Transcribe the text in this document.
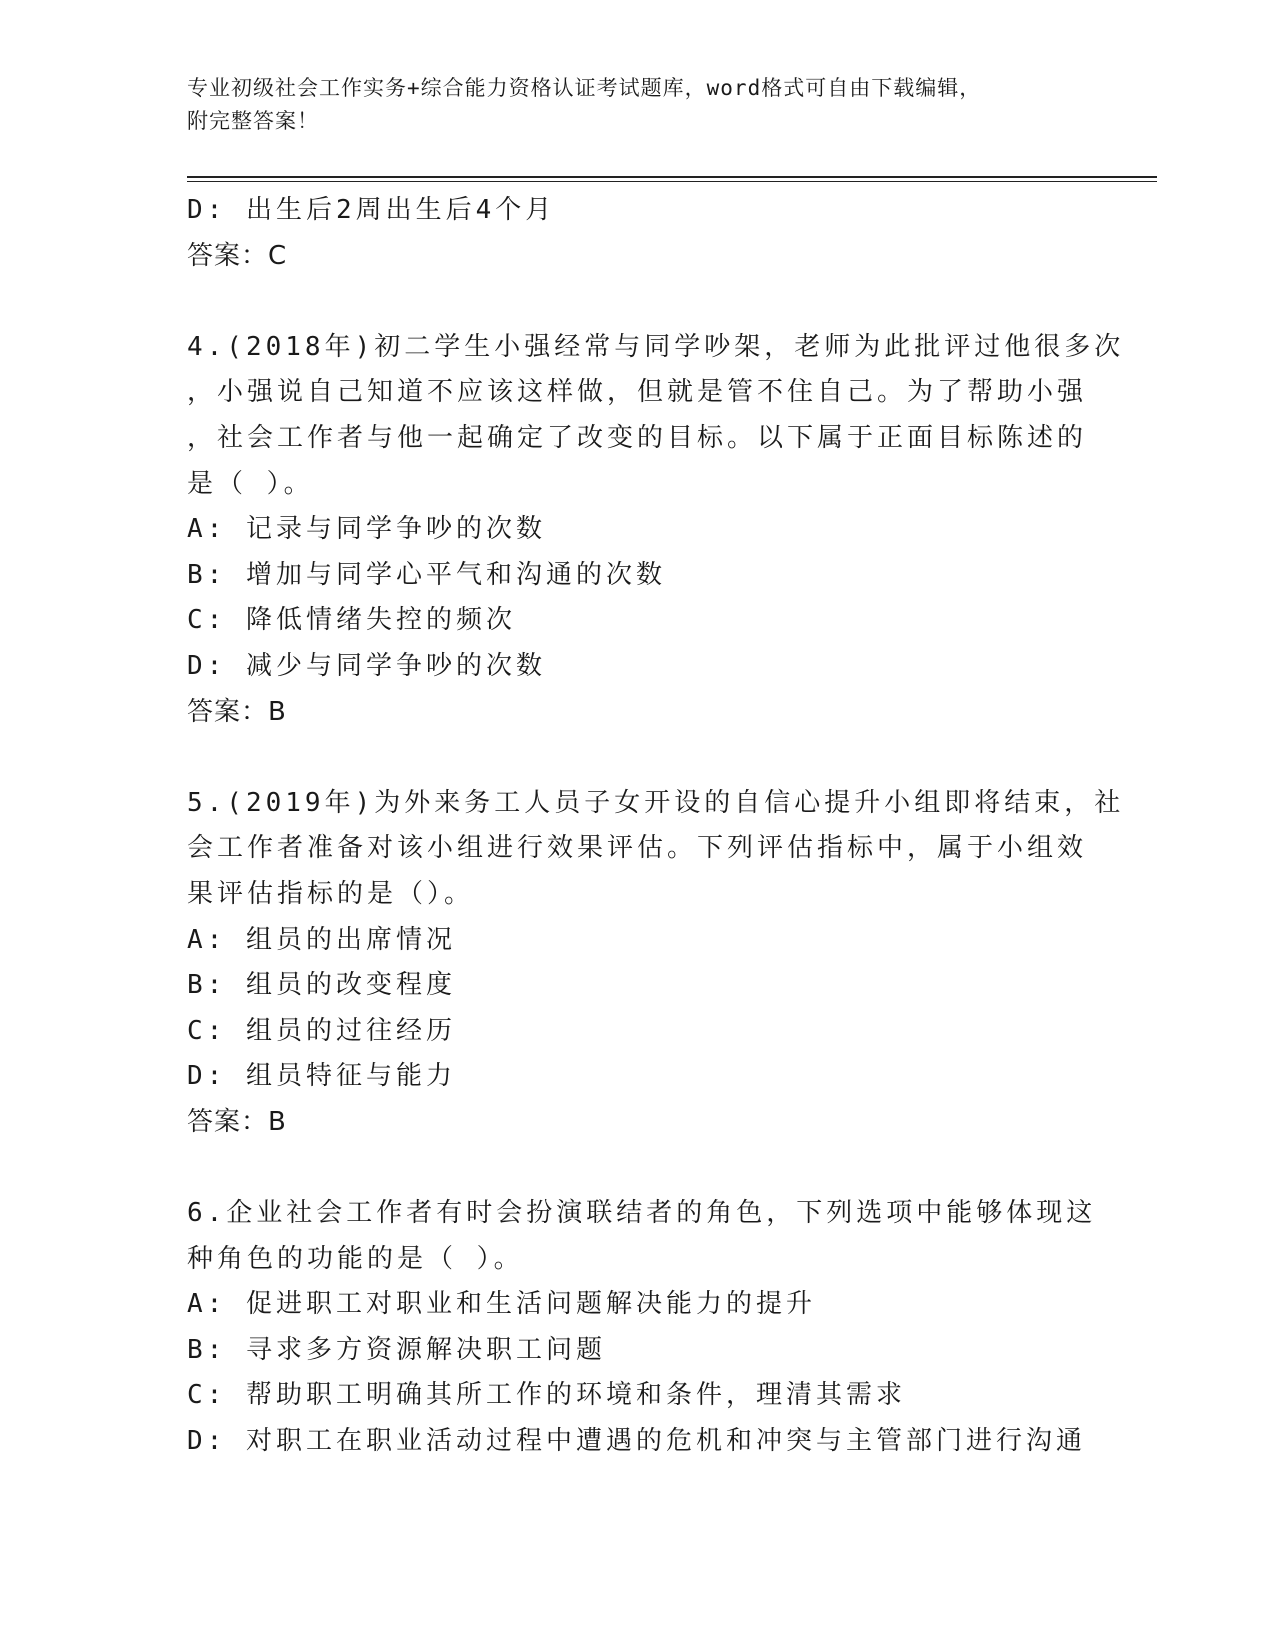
专业初级社会工作实务+综合能力资格认证考试题库，word格式可自由下载编辑，
附完整答案！
D: 出生后2周出生后4个月
答案：C
4.(2018年)初二学生小强经常与同学吵架，老师为此批评过他很多次
，小强说自己知道不应该这样做，但就是管不住自己。为了帮助小强
，社会工作者与他一起确定了改变的目标。以下属于正面目标陈述的
是（ ）。
A: 记录与同学争吵的次数
B: 增加与同学心平气和沟通的次数
C: 降低情绪失控的频次
D: 减少与同学争吵的次数
答案：B
5.(2019年)为外来务工人员子女开设的自信心提升小组即将结束，社
会工作者准备对该小组进行效果评估。下列评估指标中，属于小组效
果评估指标的是（）。
A: 组员的出席情况
B: 组员的改变程度
C: 组员的过往经历
D: 组员特征与能力
答案：B
6.企业社会工作者有时会扮演联结者的角色，下列选项中能够体现这
种角色的功能的是（ ）。
A: 促进职工对职业和生活问题解决能力的提升
B: 寻求多方资源解决职工问题
C: 帮助职工明确其所工作的环境和条件，理清其需求
D: 对职工在职业活动过程中遭遇的危机和冲突与主管部门进行沟通
